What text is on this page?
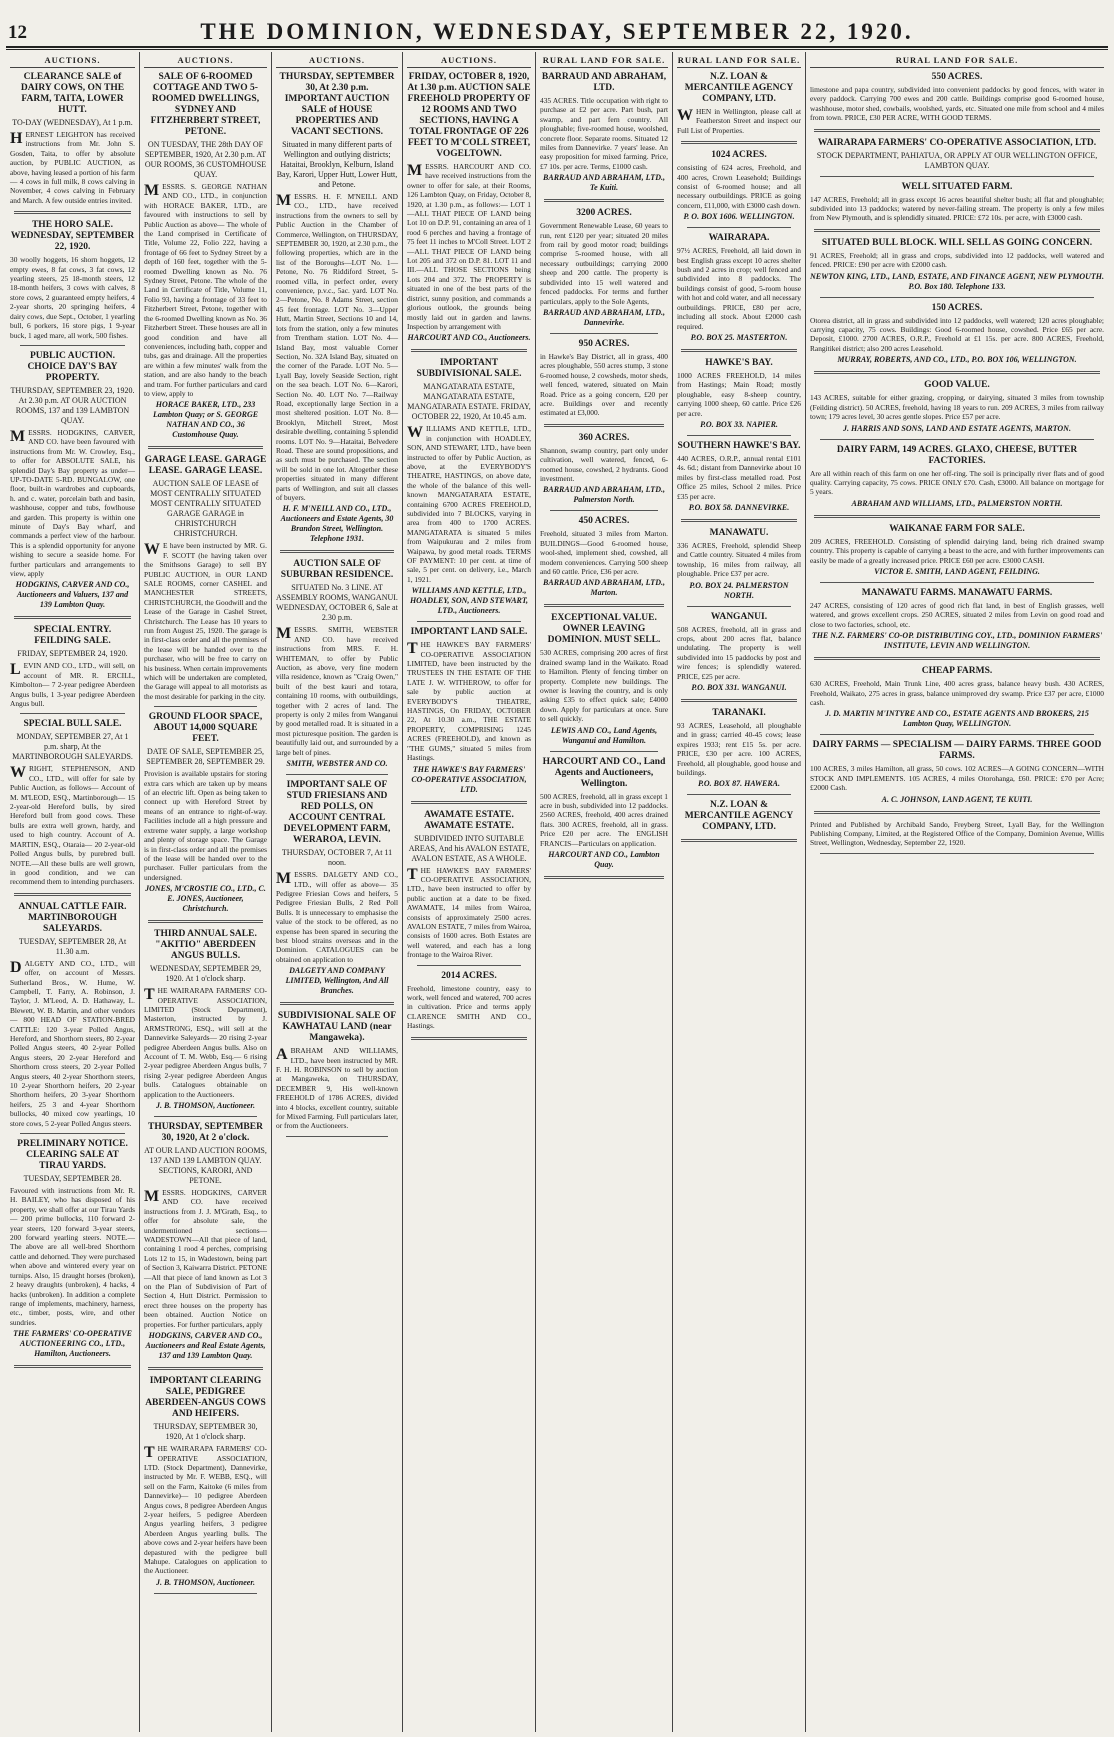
12	THE DOMINION, WEDNESDAY, SEPTEMBER 22, 1920.
AUCTIONS.
CLEARANCE SALE of DAIRY COWS, ON THE FARM, TAITA, LOWER HUTT.
TO-DAY (WEDNESDAY), At 1 p.m.
HERNEST LEIGHTON has received instructions from Mr. John S. Gosden, Taita, to offer by absolute auction, by PUBLIC AUCTION, as above, having leased a portion of his farm— 4 cows in full milk, 8 cows calving in November, 4 cows calving in February and March. A few outside entries invited.
THE HORO SALE. WEDNESDAY, SEPTEMBER 22, 1920.
30 woolly hoggets, 16 shorn hoggets, 12 empty ewes, 8 fat cows, 3 fat cows, 12 yearling steers, 25 18-month steers, 12 18-month heifers, 3 cows with calves, 8 store cows, 2 guaranteed empty heifers, 4 2-year shorts, 20 springing heifers, 4 dairy cows, due Sept., October, 1 yearling bull, 6 porkers, 16 store pigs, 1 9-year buck, 1 aged mare, all work, 500 fishes.
PUBLIC AUCTION. CHOICE DAY'S BAY PROPERTY.
THURSDAY, SEPTEMBER 23, 1920. At 2.30 p.m. AT OUR AUCTION ROOMS, 137 and 139 LAMBTON QUAY.
MESSRS. HODGKINS, CARVER, AND CO. have been favoured with instructions from Mr. W. Crowley, Esq., to offer for ABSOLUTE SALE, his splendid Day's Bay property as under— UP-TO-DATE 5-RD. BUNGALOW, one floor, built-in wardrobes and cupboards, h. and c. water, porcelain bath and basin, washhouse, copper and tubs, fowlhouse and garden. This property is within one minute of Day's Bay wharf, and commands a perfect view of the harbour. This is a splendid opportunity for anyone wishing to secure a seaside home. For further particulars and arrangements to view, apply
HODGKINS, CARVER AND CO., Auctioneers and Valuers, 137 and 139 Lambton Quay.
SPECIAL ENTRY. FEILDING SALE.
FRIDAY, SEPTEMBER 24, 1920.
LEVIN AND CO., LTD., will sell, on account of MR. R. ERCILL, Kimbolton— 7 2-year pedigree Aberdeen Angus bulls, 1 3-year pedigree Aberdeen Angus bull.
SPECIAL BULL SALE.
MONDAY, SEPTEMBER 27, At 1 p.m. sharp, At the MARTINBOROUGH SALEYARDS.
WRIGHT, STEPHENSON, AND CO., LTD., will offer for sale by Public Auction, as follows— Account of M. M'LEOD, ESQ., Martinborough— 15 2-year-old Hereford bulls, by sired Hereford bull from good cows. These bulls are extra well grown, hardy, and used to high country. Account of A. MARTIN, ESQ., Otaraia— 20 2-year-old Polled Angus bulls, by purebred bull. NOTE.—All these bulls are well grown, in good condition, and we can recommend them to intending purchasers.
ANNUAL CATTLE FAIR. MARTINBOROUGH SALEYARDS.
TUESDAY, SEPTEMBER 28, At 11.30 a.m.
DALGETY AND CO., LTD., will offer, on account of Messrs. Sutherland Bros., W. Hume, W. Campbell, T. Farry, A. Robinson, J. Taylor, J. M'Leod, A. D. Hathaway, L. Blewett, W. B. Martin, and other vendors— 800 HEAD OF STATION-BRED CATTLE: 120 3-year Polled Angus, Hereford, and Shorthorn steers, 80 2-year Polled Angus steers, 40 2-year Polled Angus steers, 20 2-year Hereford and Shorthorn cross steers, 20 2-year Polled Angus steers, 40 2-year Shorthorn steers, 10 2-year Shorthorn heifers, 20 2-year Shorthorn heifers, 20 3-year Shorthorn heifers, 25 3 and 4-year Shorthorn bullocks, 40 mixed cow yearlings, 10 store cows, 5 2-year Polled Angus steers.
PRELIMINARY NOTICE. CLEARING SALE AT TIRAU YARDS.
TUESDAY, SEPTEMBER 28.
Favoured with instructions from Mr. R. H. BAILEY, who has disposed of his property, we shall offer at our Tirau Yards— 200 prime bullocks, 110 forward 2-year steers, 120 forward 3-year steers, 200 forward yearling steers. NOTE.—The above are all well-bred Shorthorn cattle and dehorned. They were purchased when above and wintered every year on turnips. Also, 15 draught horses (broken), 2 heavy draughts (unbroken), 4 hacks, 4 hacks (unbroken). In addition a complete range of implements, machinery, harness, etc., timber, posts, wire, and other sundries.
THE FARMERS' CO-OPERATIVE AUCTIONEERING CO., LTD., Hamilton, Auctioneers.
AUCTIONS.
SALE OF 6-ROOMED COTTAGE AND TWO 5-ROOMED DWELLINGS, SYDNEY AND FITZHERBERT STREET, PETONE.
ON TUESDAY, THE 28th DAY OF SEPTEMBER, 1920, At 2.30 p.m. AT OUR ROOMS, 36 CUSTOMHOUSE QUAY.
MESSRS. S. GEORGE NATHAN AND CO., LTD., in conjunction with HORACE BAKER, LTD., are favoured with instructions to sell by Public Auction as above— The whole of the Land comprised in Certificate of Title, Volume 22, Folio 222, having a frontage of 66 feet to Sydney Street by a depth of 160 feet, together with the 5-roomed Dwelling known as No. 76 Sydney Street, Petone. The whole of the Land in Certificate of Title, Volume 11, Folio 93, having a frontage of 33 feet to Fitzherbert Street, Petone, together with the 6-roomed Dwelling known as No. 36 Fitzherbert Street. These houses are all in good condition and have all conveniences, including bath, copper and tubs, gas and drainage. All the properties are within a few minutes' walk from the station, and are also handy to the beach and tram. For further particulars and card to view, apply to
HORACE BAKER, LTD., 233 Lambton Quay; or S. GEORGE NATHAN AND CO., 36 Customhouse Quay.
GARAGE LEASE. GARAGE LEASE. GARAGE LEASE.
AUCTION SALE OF LEASE of MOST CENTRALLY SITUATED MOST CENTRALLY SITUATED GARAGE GARAGE in CHRISTCHURCH CHRISTCHURCH.
W E have been instructed by MR. G. F. SCOTT (he having taken over the Smithsons Garage) to sell BY PUBLIC AUCTION, in OUR LAND SALE ROOMS, corner CASHEL and MANCHESTER STREETS, CHRISTCHURCH, the Goodwill and the Lease of the Garage in Cashel Street, Christchurch. The Lease has 10 years to run from August 25, 1920. The garage is in first-class order and all the premises of the lease will be handed over to the purchaser, who will be free to carry on his business. When certain improvements which will be undertaken are completed, the Garage will appeal to all motorists as the most desirable for parking in the city.
GROUND FLOOR SPACE, ABOUT 14,000 SQUARE FEET.
DATE OF SALE, SEPTEMBER 25, SEPTEMBER 28, SEPTEMBER 29.
Provision is available upstairs for storing extra cars which are taken up by means of an electric lift. Open as being taken to connect up with Hereford Street by means of an entrance to right-of-way. Facilities include all a high pressure and extreme water supply, a large workshop and plenty of storage space. The Garage is in first-class order and all the premises of the lease will be handed over to the purchaser. Fuller particulars from the undersigned.
JONES, M'CROSTIE CO., LTD., C. E. JONES, Auctioneer, Christchurch.
THIRD ANNUAL SALE. "AKITIO" ABERDEEN ANGUS BULLS.
WEDNESDAY, SEPTEMBER 29, 1920. At 1 o'clock sharp.
THE WAIRARAPA FARMERS' CO-OPERATIVE ASSOCIATION, LIMITED (Stock Department), Masterton, instructed by J. ARMSTRONG, ESQ., will sell at the Dannevirke Saleyards— 20 rising 2-year pedigree Aberdeen Angus bulls. Also on Account of T. M. Webb, Esq.— 6 rising 2-year pedigree Aberdeen Angus bulls, 7 rising 2-year pedigree Aberdeen Angus bulls. Catalogues obtainable on application to the Auctioneers.
J. B. THOMSON, Auctioneer.
THURSDAY, SEPTEMBER 30, 1920, At 2 o'clock.
AT OUR LAND AUCTION ROOMS, 137 AND 139 LAMBTON QUAY. SECTIONS, KARORI, AND PETONE.
MESSRS. HODGKINS, CARVER AND CO. have received instructions from J. J. M'Grath, Esq., to offer for absolute sale, the undermentioned sections— WADESTOWN—All that piece of land, containing 1 rood 4 perches, comprising Lots 12 to 15, in Wadestown, being part of Section 3, Kaiwarra District. PETONE—All that piece of land known as Lot 3 on the Plan of Subdivision of Part of Section 4, Hutt District. Permission to erect three houses on the property has been obtained. Auction Notice on properties. For further particulars, apply
HODGKINS, CARVER AND CO., Auctioneers and Real Estate Agents, 137 and 139 Lambton Quay.
IMPORTANT CLEARING SALE, PEDIGREE ABERDEEN-ANGUS COWS AND HEIFERS.
THURSDAY, SEPTEMBER 30, 1920, At 1 o'clock sharp.
THE WAIRARAPA FARMERS' CO-OPERATIVE ASSOCIATION, LTD. (Stock Department), Dannevirke, instructed by Mr. F. WEBB, ESQ., will sell on the Farm, Kaitoke (6 miles from Dannevirke)— 10 pedigree Aberdeen Angus cows, 8 pedigree Aberdeen Angus 2-year heifers, 5 pedigree Aberdeen Angus yearling heifers, 3 pedigree Aberdeen Angus yearling bulls. The above cows and 2-year heifers have been depastured with the pedigree bull Mahupe. Catalogues on application to the Auctioneer.
J. B. THOMSON, Auctioneer.
AUCTIONS.
THURSDAY, SEPTEMBER 30, At 2.30 p.m. IMPORTANT AUCTION SALE of HOUSE PROPERTIES AND VACANT SECTIONS.
Situated in many different parts of Wellington and outlying districts; Hataitai, Brooklyn, Kelburn, Island Bay, Karori, Upper Hutt, Lower Hutt, and Petone.
MESSRS. H. F. M'NEILL AND CO., LTD., have received instructions from the owners to sell by Public Auction in the Chamber of Commerce, Wellington, on THURSDAY, SEPTEMBER 30, 1920, at 2.30 p.m., the following properties, which are in the list of the Boroughs—LOT No. 1—Petone, No. 76 Riddiford Street, 5-roomed villa, in perfect order, every convenience, p.v.c., 5ac. yard. LOT No. 2—Petone, No. 8 Adams Street, section 45 feet frontage. LOT No. 3—Upper Hutt, Martin Street, Sections 10 and 14, lots from the station, only a few minutes from Trentham station. LOT No. 4—Island Bay, most valuable Corner Section, No. 32A Island Bay, situated on the corner of the Parade. LOT No. 5—Lyall Bay, lovely Seaside Section, right on the sea beach. LOT No. 6—Karori, Section No. 40. LOT No. 7—Railway Road, exceptionally large Section in a most sheltered position. LOT No. 8—Brooklyn, Mitchell Street, Most desirable dwelling, containing 5 splendid rooms. LOT No. 9—Hataitai, Belvedere Road. These are sound propositions, and as such must be purchased. The section will be sold in one lot. Altogether these properties situated in many different parts of Wellington, and suit all classes of buyers.
H. F. M'NEILL AND CO., LTD., Auctioneers and Estate Agents, 30 Brandon Street, Wellington. Telephone 1931.
AUCTION SALE OF SUBURBAN RESIDENCE.
SITUATED No. 3 LINE. AT ASSEMBLY ROOMS, WANGANUI. WEDNESDAY, OCTOBER 6, Sale at 2.30 p.m.
MESSRS. SMITH, WEBSTER AND CO. have received instructions from MRS. F. H. WHITEMAN, to offer by Public Auction, as above, very fine modern villa residence, known as "Craig Owen," built of the best kauri and totara, containing 10 rooms, with outbuildings, together with 2 acres of land. The property is only 2 miles from Wanganui by good metalled road. It is situated in a most picturesque position. The garden is beautifully laid out, and surrounded by a large belt of pines.
SMITH, WEBSTER AND CO.
IMPORTANT SALE OF STUD FRIESIANS AND RED POLLS, ON ACCOUNT CENTRAL DEVELOPMENT FARM, WERAROA, LEVIN.
THURSDAY, OCTOBER 7, At 11 noon.
MESSRS. DALGETY AND CO., LTD., will offer as above— 35 Pedigree Friesian Cows and heifers, 5 Pedigree Friesian Bulls, 2 Red Poll Bulls. It is unnecessary to emphasise the value of the stock to be offered, as no expense has been spared in securing the best blood strains overseas and in the Dominion. CATALOGUES can be obtained on application to
DALGETY AND COMPANY LIMITED, Wellington, And All Branches.
SUBDIVISIONAL SALE OF KAWHATAU LAND (near Mangaweka).
ABRAHAM AND WILLIAMS, LTD., have been instructed by MR. F. H. H. ROBINSON to sell by auction at Mangaweka, on THURSDAY, DECEMBER 9, His well-known FREEHOLD of 1786 ACRES, divided into 4 blocks, excellent country, suitable for Mixed Farming. Full particulars later, or from the Auctioneers.
AUCTIONS.
FRIDAY, OCTOBER 8, 1920, At 1.30 p.m. AUCTION SALE FREEHOLD PROPERTY OF 12 ROOMS AND TWO SECTIONS, HAVING A TOTAL FRONTAGE OF 226 FEET TO M'COLL STREET, VOGELTOWN.
MESSRS. HARCOURT AND CO. have received instructions from the owner to offer for sale, at their Rooms, 126 Lambton Quay, on Friday, October 8, 1920, at 1.30 p.m., as follows:— LOT 1—ALL THAT PIECE OF LAND being Lot 10 on D.P. 91, containing an area of 1 rood 6 perches and having a frontage of 75 feet 11 inches to M'Coll Street. LOT 2—ALL THAT PIECE OF LAND being Lot 205 and 372 on D.P. 81. LOT 11 and III.—ALL THOSE SECTIONS being Lots 204 and 372. The PROPERTY is situated in one of the best parts of the district, sunny position, and commands a glorious outlook, the grounds being mostly laid out in garden and lawns. Inspection by arrangement with
HARCOURT AND CO., Auctioneers.
IMPORTANT SUBDIVISIONAL SALE.
MANGATARATA ESTATE, MANGATARATA ESTATE, MANGATARATA ESTATE. FRIDAY, OCTOBER 22, 1920, At 10.45 a.m.
WILLIAMS AND KETTLE, LTD., in conjunction with HOADLEY, SON, AND STEWART, LTD., have been instructed to offer by Public Auction, as above, at the EVERYBODY'S THEATRE, HASTINGS, on above date, the whole of the balance of this well-known MANGATARATA ESTATE, containing 6700 ACRES FREEHOLD, subdivided into 7 BLOCKS, varying in area from 400 to 1700 ACRES. MANGATARATA is situated 5 miles from Waipukurau and 2 miles from Waipawa, by good metal roads. TERMS OF PAYMENT: 10 per cent. at time of sale, 5 per cent. on delivery, i.e., March 1, 1921.
WILLIAMS AND KETTLE, LTD., HOADLEY, SON, AND STEWART, LTD., Auctioneers.
IMPORTANT LAND SALE.
THE HAWKE'S BAY FARMERS' CO-OPERATIVE ASSOCIATION LIMITED, have been instructed by the TRUSTEES IN THE ESTATE OF THE LATE J. W. WITHEROW, to offer for sale by public auction at EVERYBODY'S THEATRE, HASTINGS, On FRIDAY, OCTOBER 22, At 10.30 a.m., THE ESTATE PROPERTY, COMPRISING 1245 ACRES (FREEHOLD), and known as "THE GUMS," situated 5 miles from Hastings.
THE HAWKE'S BAY FARMERS' CO-OPERATIVE ASSOCIATION, LTD.
AWAMATE ESTATE. AWAMATE ESTATE.
SUBDIVIDED INTO SUITABLE AREAS, And his AVALON ESTATE, AVALON ESTATE, AS A WHOLE.
THE HAWKE'S BAY FARMERS' CO-OPERATIVE ASSOCIATION, LTD., have been instructed to offer by public auction at a date to be fixed. AWAMATE, 14 miles from Wairoa, consists of approximately 2500 acres. AVALON ESTATE, 7 miles from Wairoa, consists of 1600 acres. Both Estates are well watered, and each has a long frontage to the Wairoa River.
2014 ACRES.
Freehold, limestone country, easy to work, well fenced and watered, 700 acres in cultivation. Price and terms apply CLARENCE SMITH AND CO., Hastings.
RURAL LAND FOR SALE.
BARRAUD AND ABRAHAM, LTD.
435 ACRES. Title occupation with right to purchase at £2 per acre. Part bush, part swamp, and part fern country. All ploughable; five-roomed house, woolshed, concrete floor. Separate rooms. Situated 12 miles from Dannevirke. 7 years' lease. An easy proposition for mixed farming. Price, £7 10s. per acre. Terms, £1000 cash.
BARRAUD AND ABRAHAM, LTD., Te Kuiti.
3200 ACRES.
Government Renewable Lease, 60 years to run, rent £120 per year; situated 20 miles from rail by good motor road; buildings comprise 5-roomed house, with all necessary outbuildings; carrying 2000 sheep and 200 cattle. The property is subdivided into 15 well watered and fenced paddocks. For terms and further particulars, apply to the Sole Agents,
BARRAUD AND ABRAHAM, LTD., Dannevirke.
950 ACRES.
in Hawke's Bay District, all in grass, 400 acres ploughable, 550 acres stump, 3 stone 6-roomed house, 2 cowsheds, motor sheds, well fenced, watered, situated on Main Road. Price as a going concern, £20 per acre. Buildings over and recently estimated at £3,000.
360 ACRES.
Shannon, swamp country, part only under cultivation, well watered, fenced, 6-roomed house, cowshed, 2 hydrants. Good investment.
BARRAUD AND ABRAHAM, LTD., Palmerston North.
450 ACRES.
Freehold, situated 3 miles from Marton. BUILDINGS—Good 6-roomed house, wool-shed, implement shed, cowshed, all modern conveniences. Carrying 500 sheep and 60 cattle. Price, £36 per acre.
BARRAUD AND ABRAHAM, LTD., Marton.
EXCEPTIONAL VALUE. OWNER LEAVING DOMINION. MUST SELL.
530 ACRES, comprising 200 acres of first drained swamp land in the Waikato. Road to Hamilton. Plenty of fencing timber on property. Complete new buildings. The owner is leaving the country, and is only asking £35 to effect quick sale; £4000 down. Apply for particulars at once. Sure to sell quickly.
LEWIS AND CO., Land Agents, Wanganui and Hamilton.
HARCOURT AND CO., Land Agents and Auctioneers, Wellington.
500 ACRES, freehold, all in grass except 1 acre in bush, subdivided into 12 paddocks. 2560 ACRES, freehold, 400 acres drained flats. 300 ACRES, freehold, all in grass. Price £20 per acre. The ENGLISH FRANCIS—Particulars on application.
HARCOURT AND CO., Lambton Quay.
RURAL LAND FOR SALE.
N.Z. LOAN & MERCANTILE AGENCY COMPANY, LTD.
WHEN in Wellington, please call at Featherston Street and inspect our Full List of Properties.
1024 ACRES.
consisting of 624 acres, Freehold, and 400 acres, Crown Leasehold; Buildings consist of 6-roomed house; and all necessary outbuildings. PRICE as going concern, £11,000, with £3000 cash down.
P. O. BOX 1606. WELLINGTON.
WAIRARAPA.
97½ ACRES, Freehold, all laid down in best English grass except 10 acres shelter bush and 2 acres in crop; well fenced and subdivided into 8 paddocks. The buildings consist of good, 5-room house with hot and cold water, and all necessary outbuildings. PRICE, £80 per acre, including all stock. About £2000 cash required.
P.O. BOX 25. MASTERTON.
HAWKE'S BAY.
1000 ACRES FREEHOLD, 14 miles from Hastings; Main Road; mostly ploughable, easy 8-sheep country, carrying 1000 sheep, 60 cattle. Price £26 per acre.
P.O. BOX 33. NAPIER.
SOUTHERN HAWKE'S BAY.
440 ACRES, O.R.P., annual rental £101 4s. 6d.; distant from Dannevirke about 10 miles by first-class metalled road. Post Office 25 miles, School 2 miles. Price £35 per acre.
P.O. BOX 58. DANNEVIRKE.
MANAWATU.
336 ACRES, Freehold, splendid Sheep and Cattle country. Situated 4 miles from township, 16 miles from railway, all ploughable. Price £37 per acre.
P.O. BOX 24. PALMERSTON NORTH.
WANGANUI.
508 ACRES, freehold, all in grass and crops, about 200 acres flat, balance undulating. The property is well subdivided into 15 paddocks by post and wire fences; is splendidly watered. PRICE, £25 per acre.
P.O. BOX 331. WANGANUI.
TARANAKI.
93 ACRES, Leasehold, all ploughable and in grass; carried 40-45 cows; lease expires 1933; rent £15 5s. per acre. PRICE, £30 per acre. 100 ACRES, Freehold, all ploughable, good house and buildings.
P.O. BOX 87. HAWERA.
N.Z. LOAN & MERCANTILE AGENCY COMPANY, LTD.
RURAL LAND FOR SALE.
550 ACRES.
limestone and papa country, subdivided into convenient paddocks by good fences, with water in every paddock. Carrying 700 ewes and 200 cattle. Buildings comprise good 6-roomed house, washhouse, motor shed, cowbails, woolshed, yards, etc. Situated one mile from school and 4 miles from town. PRICE, £30 PER ACRE, WITH GOOD TERMS.
WAIRARAPA FARMERS' CO-OPERATIVE ASSOCIATION, LTD.
STOCK DEPARTMENT, PAHIATUA, OR APPLY AT OUR WELLINGTON OFFICE, LAMBTON QUAY.
WELL SITUATED FARM.
147 ACRES, Freehold; all in grass except 16 acres beautiful shelter bush; all flat and ploughable; subdivided into 13 paddocks; watered by never-failing stream. The property is only a few miles from New Plymouth, and is splendidly situated. PRICE: £72 10s. per acre, with £3000 cash.
SITUATED BULL BLOCK. WILL SELL AS GOING CONCERN.
91 ACRES, Freehold; all in grass and crops, subdivided into 12 paddocks, well watered and fenced. PRICE: £90 per acre with £2000 cash.
NEWTON KING, LTD., LAND, ESTATE, AND FINANCE AGENT, NEW PLYMOUTH. P.O. Box 180. Telephone 133.
150 ACRES.
Otorea district, all in grass and subdivided into 12 paddocks, well watered; 120 acres ploughable; carrying capacity, 75 cows. Buildings: Good 6-roomed house, cowshed. Price £65 per acre. Deposit, £1000. 2700 ACRES, O.R.P., Freehold at £1 15s. per acre. 800 ACRES, Freehold, Rangitikei district; also 200 acres Leasehold.
MURRAY, ROBERTS, AND CO., LTD., P.O. BOX 106, WELLINGTON.
GOOD VALUE.
143 ACRES, suitable for either grazing, cropping, or dairying, situated 3 miles from township (Feilding district). 50 ACRES, freehold, having 18 years to run. 209 ACRES, 3 miles from railway town; 179 acres level, 30 acres gentle slopes. Price £57 per acre.
J. HARRIS AND SONS, LAND AND ESTATE AGENTS, MARTON.
DAIRY FARM, 149 ACRES. GLAXO, CHEESE, BUTTER FACTORIES.
Are all within reach of this farm on one her off-ring. The soil is principally river flats and of good quality. Carrying capacity, 75 cows. PRICE ONLY £70. Cash, £3000. All balance on mortgage for 5 years.
ABRAHAM AND WILLIAMS, LTD., PALMERSTON NORTH.
WAIKANAE FARM FOR SALE.
209 ACRES, FREEHOLD. Consisting of splendid dairying land, being rich drained swamp country. This property is capable of carrying a beast to the acre, and with further improvements can easily be made of a greatly increased price. PRICE £60 per acre. £3000 CASH.
VICTOR E. SMITH, LAND AGENT, FEILDING.
MANAWATU FARMS. MANAWATU FARMS.
247 ACRES, consisting of 120 acres of good rich flat land, in best of English grasses, well watered, and grows excellent crops. 250 ACRES, situated 2 miles from Levin on good road and close to two factories, school, etc.
THE N.Z. FARMERS' CO-OP. DISTRIBUTING COY., LTD., DOMINION FARMERS' INSTITUTE, LEVIN AND WELLINGTON.
CHEAP FARMS.
630 ACRES, Freehold, Main Trunk Line, 400 acres grass, balance heavy bush. 430 ACRES, Freehold, Waikato, 275 acres in grass, balance unimproved dry swamp. Price £37 per acre, £1000 cash.
J. D. MARTIN M'INTYRE AND CO., ESTATE AGENTS AND BROKERS, 215 Lambton Quay, WELLINGTON.
DAIRY FARMS — SPECIALISM — DAIRY FARMS. THREE GOOD FARMS.
100 ACRES, 3 miles Hamilton, all grass, 50 cows. 102 ACRES—A GOING CONCERN—WITH STOCK AND IMPLEMENTS. 105 ACRES, 4 miles Otorohanga, £60. PRICE: £70 per Acre; £2000 Cash.
A. C. JOHNSON, LAND AGENT, TE KUITI.
Printed and Published by Archibald Sando, Freyberg Street, Lyall Bay, for the Wellington Publishing Company, Limited, at the Registered Office of the Company, Dominion Avenue, Willis Street, Wellington, Wednesday, September 22, 1920.
